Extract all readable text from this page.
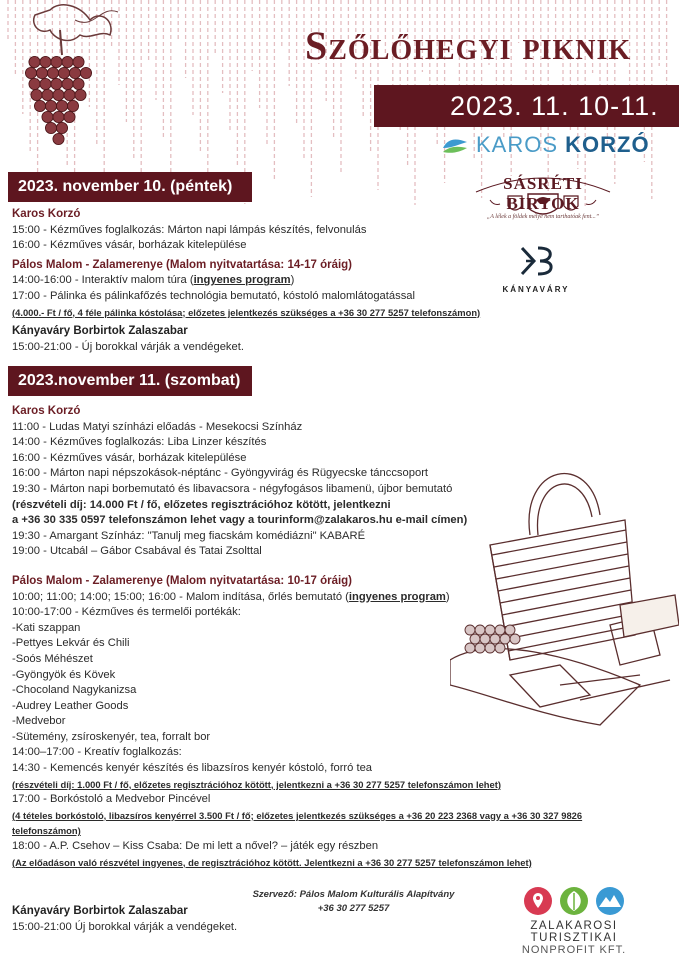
Szőlőhegyi piknik
2023. 11. 10-11.
KAROS KORZÓ
SÁSRÉTI BIRTOK
„A lélek a földek mélyé nem tarthatóak fent...”
KÁNYAVÁRY
2023. november 10. (péntek)
Karos Korzó
15:00 - Kézműves foglalkozás: Márton napi lámpás készítés, felvonulás
16:00 - Kézműves vásár, borházak kitelepülése
Pálos Malom - Zalamerenye (Malom nyitvatartása: 14-17 óráig)
14:00-16:00 - Interaktív malom túra (ingyenes program)
17:00 - Pálinka és pálinkafőzés technológia bemutató, kóstoló malomlátogatással
(4.000.- Ft / fő, 4 féle pálinka kóstolása; előzetes jelentkezés szükséges a +36 30 277 5257 telefonszámon)
Kányaváry Borbirtok Zalaszabar
15:00-21:00 - Új borokkal várják a vendégeket.
2023.november 11. (szombat)
Karos Korzó
11:00 - Ludas Matyi színházi előadás - Mesekocsi Színház
14:00 - Kézműves foglalkozás: Liba Linzer készítés
16:00 - Kézműves vásár, borházak kitelepülése
16:00 - Márton napi népszokások-néptánc - Gyöngyvirág és Rügyecske tánccsoport
19:30 - Márton napi borbemutató és libavacsora - négyfogásos libamenü, újbor bemutató
(részvételi díj: 14.000 Ft / fő, előzetes regisztrációhoz kötött, jelentkezni
a +36 30 335 0597 telefonszámon lehet vagy a tourinform@zalakaros.hu e-mail címen)
19:30 - Amargant Színház: "Tanulj meg fiacskám komédiázni" KABARÉ
19:00 - Utcabál – Gábor Csabával és Tatai Zsolttal
Pálos Malom - Zalamerenye (Malom nyitvatartása: 10-17 óráig)
10:00; 11:00; 14:00; 15:00; 16:00 - Malom indítása, őrlés bemutató (ingyenes program)
10:00-17:00 - Kézműves és termelői portékák:
-Kati szappan
-Pettyes Lekvár és Chili
-Soós Méhészet
-Gyöngyök és Kövek
-Chocoland Nagykanizsa
-Audrey Leather Goods
-Medvebor
-Sütemény, zsíroskenyér, tea, forralt bor
14:00–17:00 - Kreatív foglalkozás:
14:30 - Kemencés kenyér készítés és libazsíros kenyér kóstoló, forró tea
(részvételi díj: 1.000 Ft / fő, előzetes regisztrációhoz kötött, jelentkezni a +36 30 277 5257 telefonszámon lehet)
17:00 - Borkóstoló a Medvebor Pincével
(4 tételes borkóstoló, libazsíros kenyérrel 3.500 Ft / fő; előzetes jelentkezés szükséges a +36 20 223 2368 vagy a +36 30 327 9826
telefonszámon)
18:00 - A.P. Csehov – Kiss Csaba: De mi lett a nővel? – játék egy részben
(Az előadáson való részvétel ingyenes, de regisztrációhoz kötött. Jelentkezni a +36 30 277 5257 telefonszámon lehet)
Kányaváry Borbirtok Zalaszabar
15:00-21:00 Új borokkal várják a vendégeket.
Szervező: Pálos Malom Kulturális Alapítvány
+36 30 277 5257
ZALAKAROSI TURISZTIKAI
NONPROFIT KFT.
